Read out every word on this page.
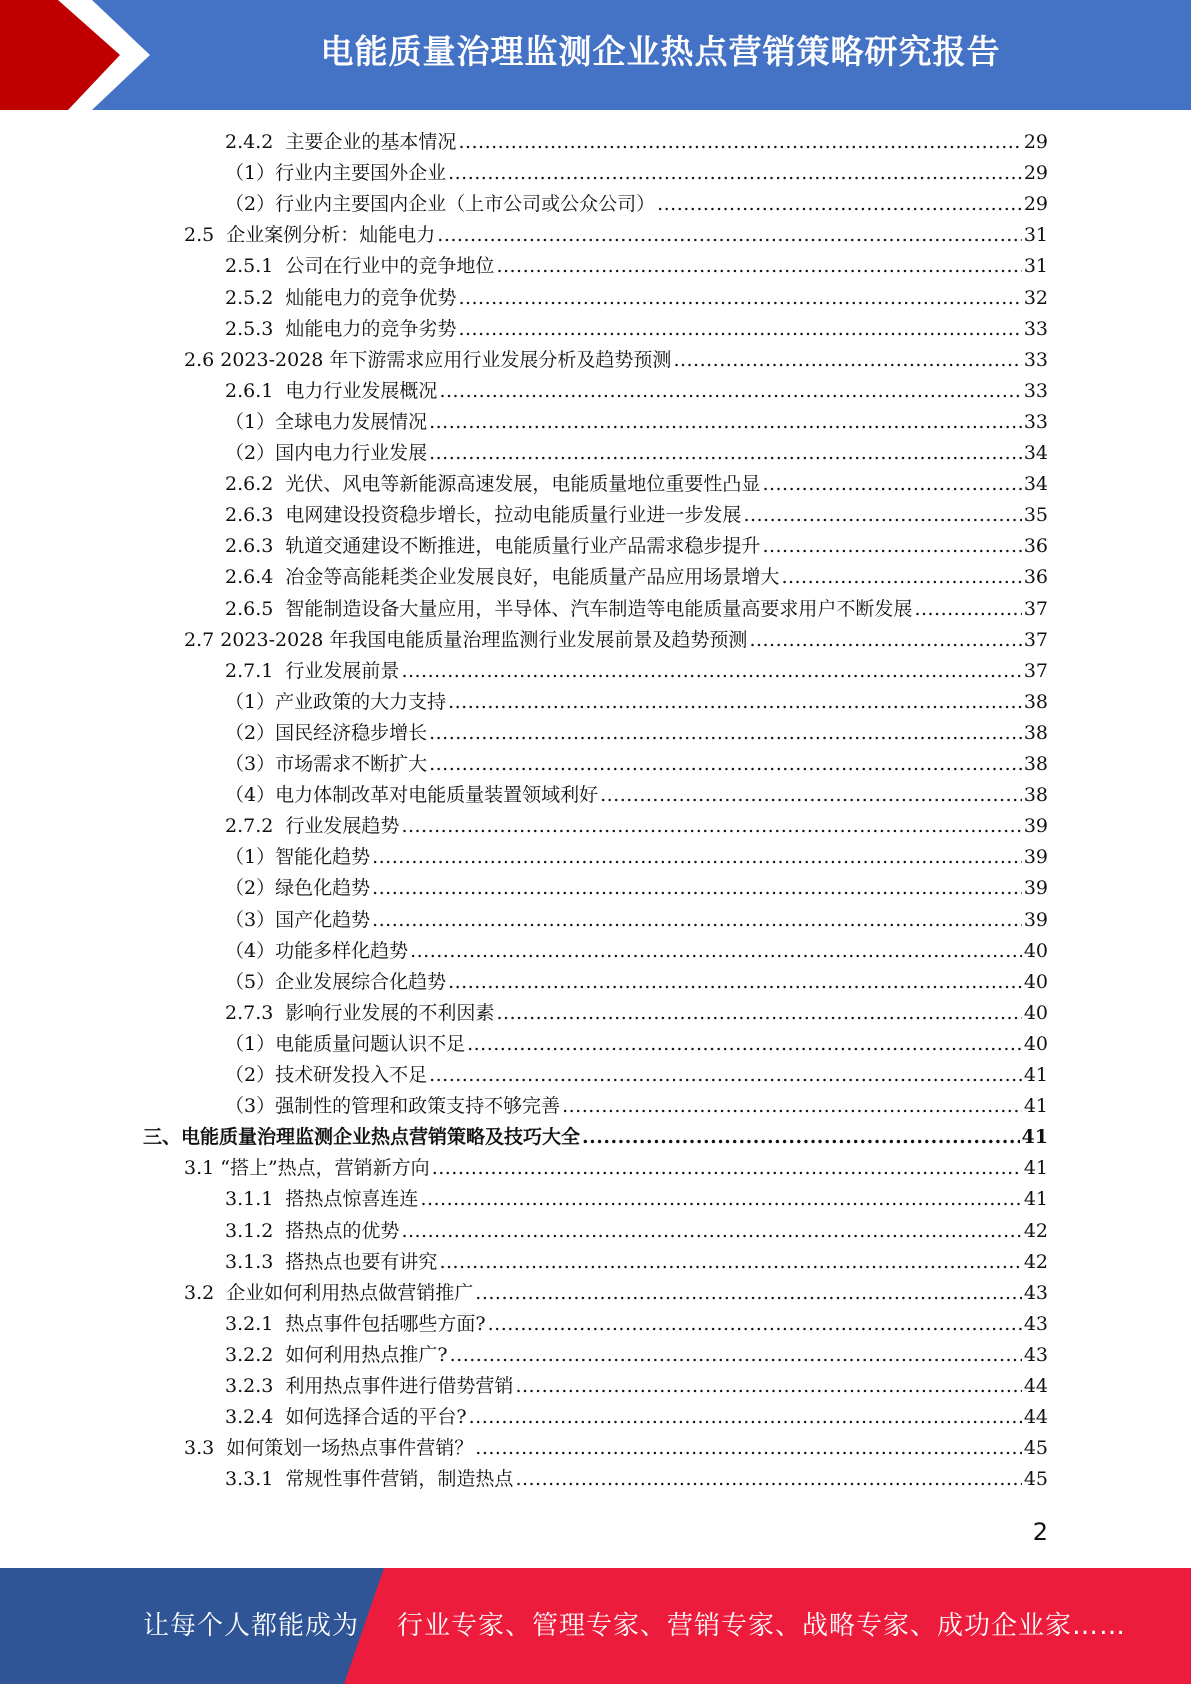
电能质量治理监测企业热点营销策略研究报告
2.4.2  主要企业的基本情况 .....	29
（1）行业内主要国外企业 .....	29
（2）行业内主要国内企业（上市公司或公众公司） .....	29
2.5  企业案例分析：灿能电力 .....	31
2.5.1  公司在行业中的竞争地位 .....	31
2.5.2  灿能电力的竞争优势 .....	32
2.5.3  灿能电力的竞争劣势 .....	33
2.6 2023-2028 年下游需求应用行业发展分析及趋势预测 .....	33
2.6.1  电力行业发展概况 .....	33
（1）全球电力发展情况 .....	33
（2）国内电力行业发展 .....	34
2.6.2  光伏、风电等新能源高速发展，电能质量地位重要性凸显 .....	34
2.6.3  电网建设投资稳步增长，拉动电能质量行业进一步发展 .....	35
2.6.3  轨道交通建设不断推进，电能质量行业产品需求稳步提升 .....	36
2.6.4  冶金等高能耗类企业发展良好，电能质量产品应用场景增大 .....	36
2.6.5  智能制造设备大量应用，半导体、汽车制造等电能质量高要求用户不断发展 .....	37
2.7 2023-2028 年我国电能质量治理监测行业发展前景及趋势预测 .....	37
2.7.1  行业发展前景 .....	37
（1）产业政策的大力支持 .....	38
（2）国民经济稳步增长 .....	38
（3）市场需求不断扩大 .....	38
（4）电力体制改革对电能质量装置领域利好 .....	38
2.7.2  行业发展趋势 .....	39
（1）智能化趋势 .....	39
（2）绿色化趋势 .....	39
（3）国产化趋势 .....	39
（4）功能多样化趋势 .....	40
（5）企业发展综合化趋势 .....	40
2.7.3  影响行业发展的不利因素 .....	40
（1）电能质量问题认识不足 .....	40
（2）技术研发投入不足 .....	41
（3）强制性的管理和政策支持不够完善 .....	41
三、电能质量治理监测企业热点营销策略及技巧大全 .....	41
3.1 “搭上”热点，营销新方向 .....	41
3.1.1  搭热点惊喜连连 .....	41
3.1.2  搭热点的优势 .....	42
3.1.3  搭热点也要有讲究 .....	42
3.2  企业如何利用热点做营销推广 .....	43
3.2.1  热点事件包括哪些方面? .....	43
3.2.2  如何利用热点推广? .....	43
3.2.3  利用热点事件进行借势营销 .....	44
3.2.4  如何选择合适的平台? .....	44
3.3  如何策划一场热点事件营销？ .....	45
3.3.1  常规性事件营销，制造热点 .....	45
2
让每个人都能成为 行业专家、管理专家、营销专家、战略专家、成功企业家……
